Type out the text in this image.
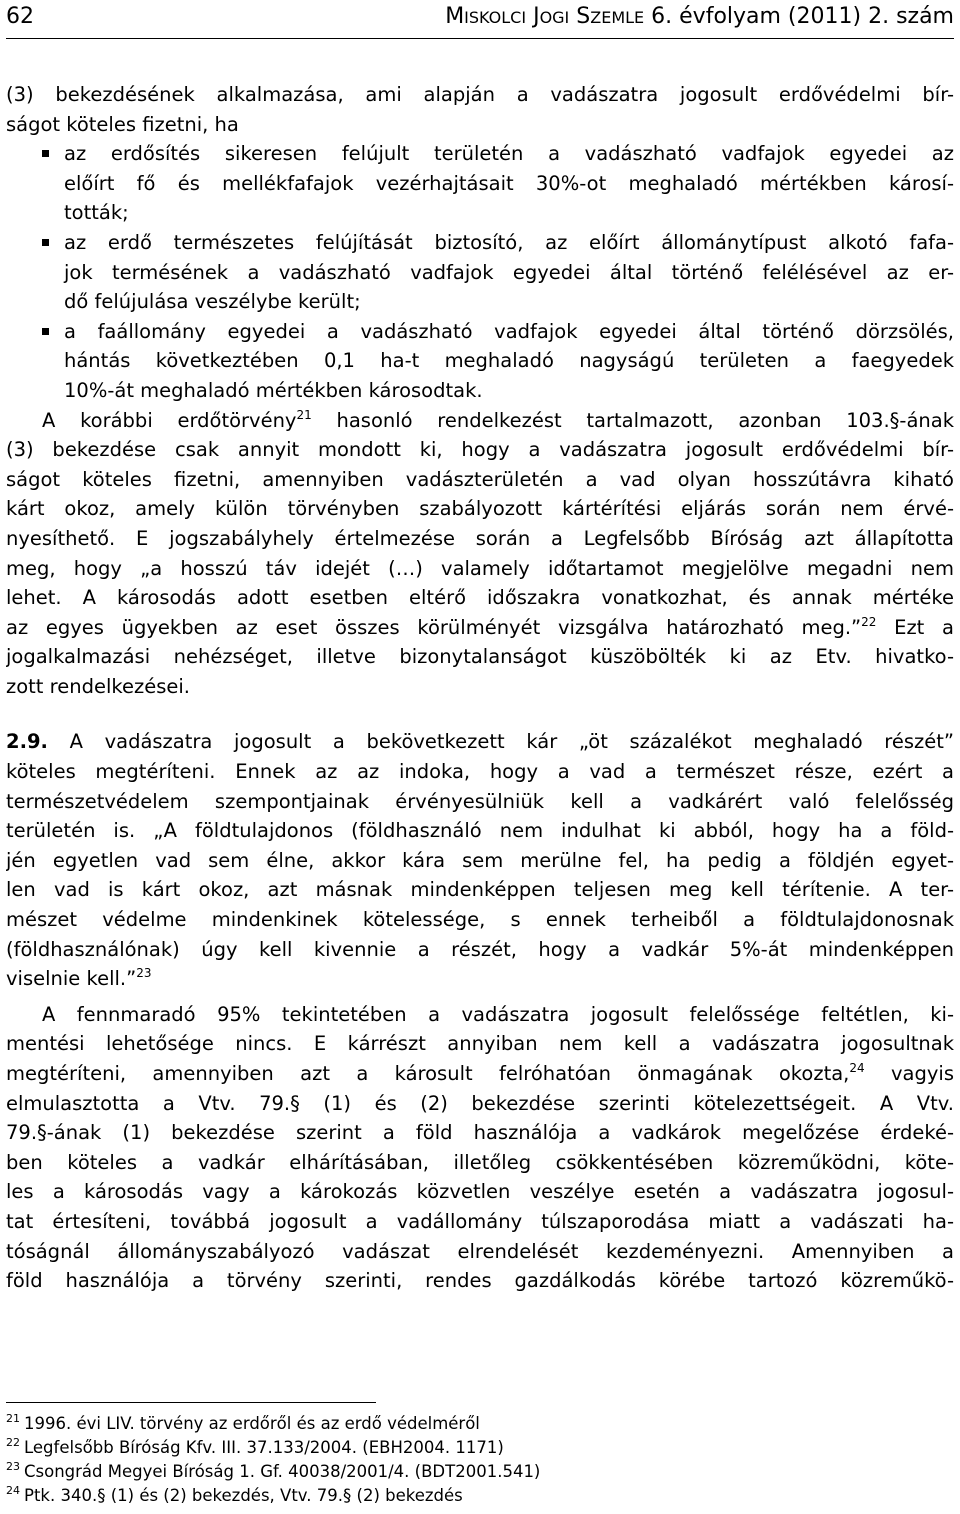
62	MISKOLCI JOGI SZEMLE 6. évfolyam (2011) 2. szám
(3) bekezdésének alkalmazása, ami alapján a vadászatra jogosult erdővédelmi bír-
ságot köteles fizetni, ha
az erdősítés sikeresen felújult területén a vadászható vadfajok egyedei az
előírt fő és mellékfafajok vezérhajtásait 30%-ot meghaladó mértékben károsí-
tották;
az erdő természetes felújítását biztosító, az előírt állománytípust alkotó fafa-
jok termésének a vadászható vadfajok egyedei által történő felélésével az er-
dő felújulása veszélybe került;
a faállomány egyedei a vadászható vadfajok egyedei által történő dörzsölés,
hántás következtében 0,1 ha-t meghaladó nagyságú területen a faegyedek
10%-át meghaladó mértékben károsodtak.
A korábbi erdőtörvény$^{21}$ hasonló rendelkezést tartalmazott, azonban 103.§-ának
(3) bekezdése csak annyit mondott ki, hogy a vadászatra jogosult erdővédelmi bír-
ságot köteles fizetni, amennyiben vadászterületén a vad olyan hosszútávra kiható
kárt okoz, amely külön törvényben szabályozott kártérítési eljárás során nem érvé-
nyesíthető. E jogszabályhely értelmezése során a Legfelsőbb Bíróság azt állapította
meg, hogy „a hosszú táv idejét (…) valamely időtartamot megjelölve megadni nem
lehet. A károsodás adott esetben eltérő időszakra vonatkozhat, és annak mértéke
az egyes ügyekben az eset összes körülményét vizsgálva határozható meg.”$^{22}$ Ezt a
jogalkalmazási nehézséget, illetve bizonytalanságot küszöbölték ki az Etv. hivatko-
zott rendelkezései.
2.9. A vadászatra jogosult a bekövetkezett kár „öt százalékot meghaladó részét”
köteles megtéríteni. Ennek az az indoka, hogy a vad a természet része, ezért a
természetvédelem szempontjainak érvényesülniük kell a vadkárért való felelősség
területén is. „A földtulajdonos (földhasználó nem indulhat ki abból, hogy ha a föld-
jén egyetlen vad sem élne, akkor kára sem merülne fel, ha pedig a földjén egyet-
len vad is kárt okoz, azt másnak mindenképpen teljesen meg kell térítenie. A ter-
mészet védelme mindenkinek kötelessége, s ennek terheiből a földtulajdonosnak
(földhasználónak) úgy kell kivennie a részét, hogy a vadkár 5%-át mindenképpen
viselnie kell.”$^{23}$
A fennmaradó 95% tekintetében a vadászatra jogosult felelőssége feltétlen, ki-
mentési lehetősége nincs. E kárrészt annyiban nem kell a vadászatra jogosultnak
megtéríteni, amennyiben azt a károsult felróhatóan önmagának okozta,$^{24}$ vagyis
elmulasztotta a Vtv. 79.§ (1) és (2) bekezdése szerinti kötelezettségeit. A Vtv.
79.§-ának (1) bekezdése szerint a föld használója a vadkárok megelőzése érdeké-
ben köteles a vadkár elhárításában, illetőleg csökkentésében közreműködni, köte-
les a károsodás vagy a károkozás közvetlen veszélye esetén a vadászatra jogosul-
tat értesíteni, továbbá jogosult a vadállomány túlszaporodása miatt a vadászati ha-
tóságnál állományszabályozó vadászat elrendelését kezdeményezni. Amennyiben a
föld használója a törvény szerinti, rendes gazdálkodás körébe tartozó közreműkö-
$^{21}$ 1996. évi LIV. törvény az erdőről és az erdő védelméről
$^{22}$ Legfelsőbb Bíróság Kfv. III. 37.133/2004. (EBH2004. 1171)
$^{23}$ Csongrád Megyei Bíróság 1. Gf. 40038/2001/4. (BDT2001.541)
$^{24}$ Ptk. 340.§ (1) és (2) bekezdés, Vtv. 79.§ (2) bekezdés
